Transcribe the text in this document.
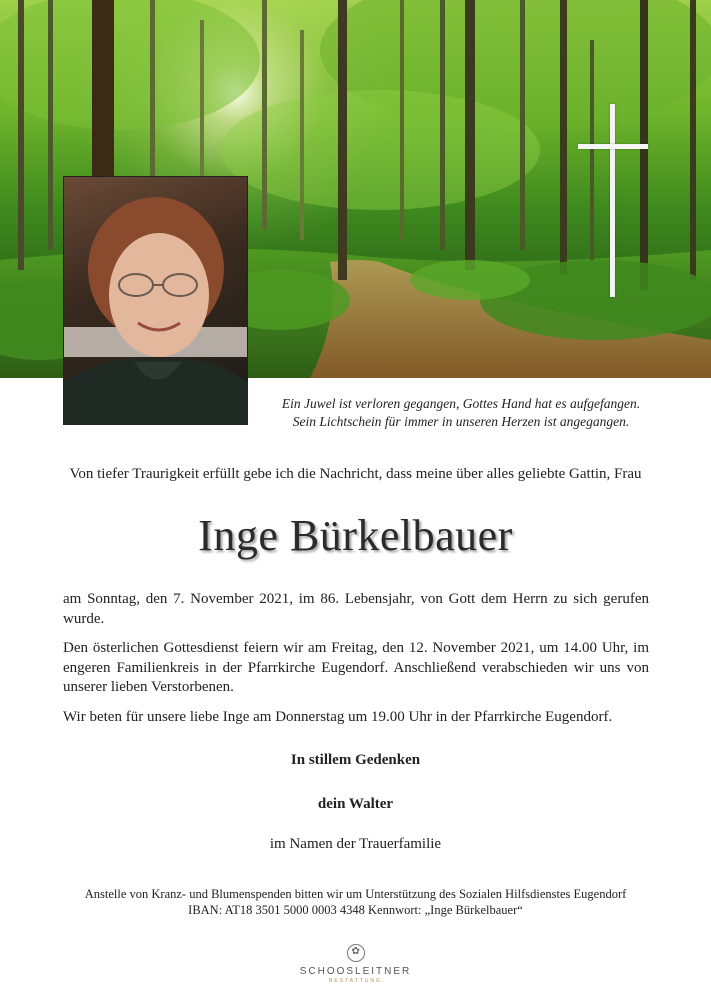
Ein Juwel ist verloren gegangen, Gottes Hand hat es aufgefangen.
Sein Lichtschein für immer in unseren Herzen ist angegangen.
Von tiefer Traurigkeit erfüllt gebe ich die Nachricht, dass meine über alles geliebte Gattin, Frau
Inge Bürkelbauer
am Sonntag, den 7. November 2021, im 86. Lebensjahr, von Gott dem Herrn zu sich gerufen wurde.
Den österlichen Gottesdienst feiern wir am Freitag, den 12. November 2021, um 14.00 Uhr, im engeren Familienkreis in der Pfarrkirche Eugendorf. Anschließend verabschieden wir uns von unserer lieben Verstorbenen.
Wir beten für unsere liebe Inge am Donnerstag um 19.00 Uhr in der Pfarrkirche Eugendorf.
In stillem Gedenken
dein Walter
im Namen der Trauerfamilie
Anstelle von Kranz- und Blumenspenden bitten wir um Unterstützung des Sozialen Hilfsdienstes Eugendorf
IBAN: AT18 3501 5000 0003 4348 Kennwort: „Inge Bürkelbauer“
✿
SCHOOSLEITNER
BESTATTUNG
